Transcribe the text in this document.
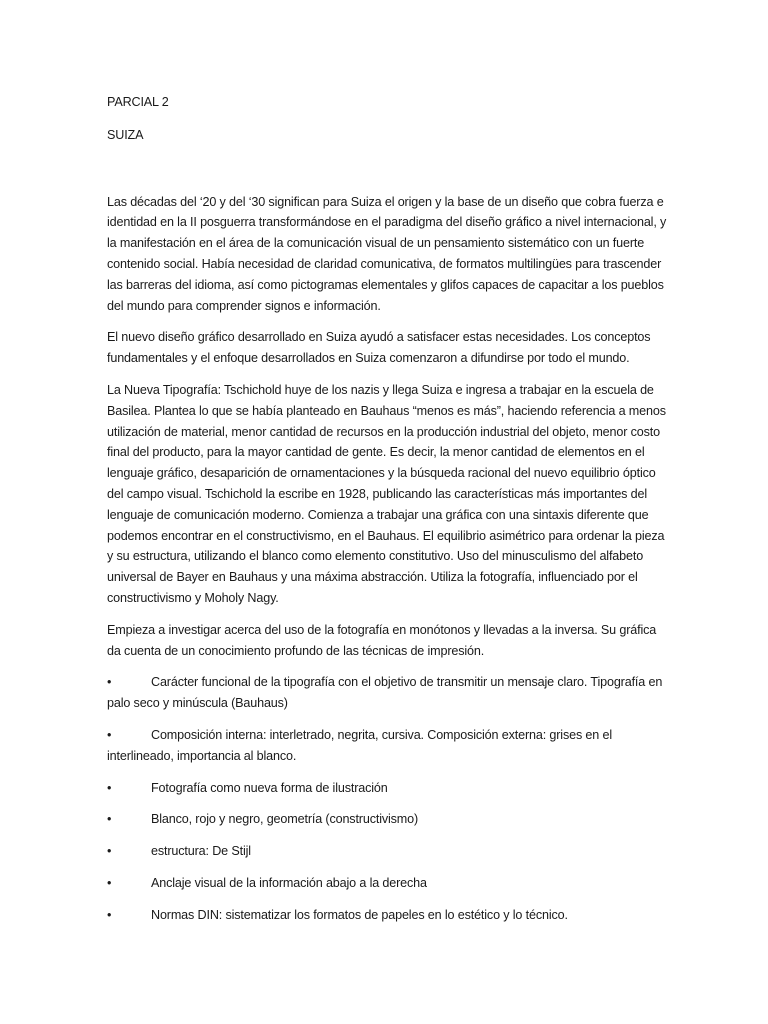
PARCIAL 2

SUIZA

Las décadas del ‘20 y del ‘30 significan para Suiza el origen y la base de un diseño que cobra fuerza e identidad en la II posguerra transformándose en el paradigma del diseño gráfico a nivel internacional, y la manifestación en el área de la comunicación visual de un pensamiento sistemático con un fuerte contenido social. Había necesidad de claridad comunicativa, de formatos multilingües para trascender las barreras del idioma, así como pictogramas elementales y glifos capaces de capacitar a los pueblos del mundo para comprender signos e información.

El nuevo diseño gráfico desarrollado en Suiza ayudó a satisfacer estas necesidades. Los conceptos fundamentales y el enfoque desarrollados en Suiza comenzaron a difundirse por todo el mundo.

La Nueva Tipografía: Tschichold huye de los nazis y llega Suiza e ingresa a trabajar en la escuela de Basilea. Plantea lo que se había planteado en Bauhaus “menos es más”, haciendo referencia a menos utilización de material, menor cantidad de recursos en la producción industrial del objeto, menor costo final del producto, para la mayor cantidad de gente. Es decir, la menor cantidad de elementos en el lenguaje gráfico, desaparición de ornamentaciones y la búsqueda racional del nuevo equilibrio óptico del campo visual. Tschichold la escribe en 1928, publicando las características más importantes del lenguaje de comunicación moderno. Comienza a trabajar una gráfica con una sintaxis diferente que podemos encontrar en el constructivismo, en el Bauhaus. El equilibrio asimétrico para ordenar la pieza y su estructura, utilizando el blanco como elemento constitutivo. Uso del minusculismo del alfabeto universal de Bayer en Bauhaus y una máxima abstracción. Utiliza la fotografía, influenciado por el constructivismo y Moholy Nagy.

Empieza a investigar acerca del uso de la fotografía en monótonos y llevadas a la inversa. Su gráfica da cuenta de un conocimiento profundo de las técnicas de impresión.

•	Carácter funcional de la tipografía con el objetivo de transmitir un mensaje claro. Tipografía en palo seco y minúscula (Bauhaus)

•	Composición interna: interletrado, negrita, cursiva. Composición externa: grises en el interlineado, importancia al blanco.

•	Fotografía como nueva forma de ilustración

•	Blanco, rojo y negro, geometría (constructivismo)

•	estructura: De Stijl

•	Anclaje visual de la información abajo a la derecha

•	Normas DIN: sistematizar los formatos de papeles en lo estético y lo técnico.
